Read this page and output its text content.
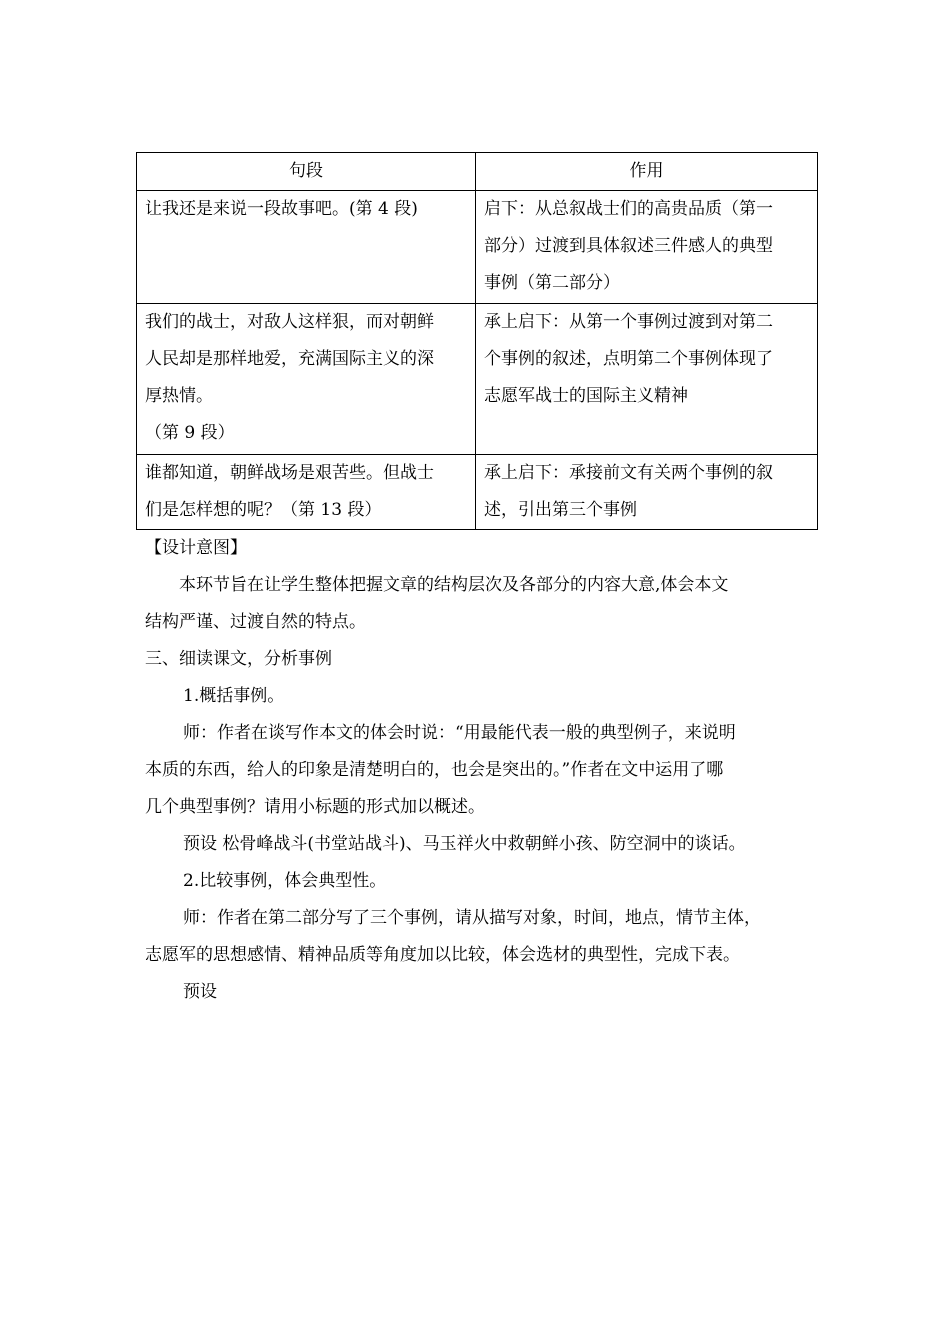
句段	作用

让我还是来说一段故事吧。(第 4 段)	启下：从总叙战士们的高贵品质（第一
部分）过渡到具体叙述三件感人的典型
事例（第二部分）

我们的战士，对敌人这样狠，而对朝鲜
人民却是那样地爱，充满国际主义的深
厚热情。
（第 9 段）	承上启下：从第一个事例过渡到对第二
个事例的叙述，点明第二个事例体现了
志愿军战士的国际主义精神

谁都知道，朝鲜战场是艰苦些。但战士
们是怎样想的呢？（第 13 段）	承上启下：承接前文有关两个事例的叙
述，引出第三个事例
【设计意图】
本环节旨在让学生整体把握文章的结构层次及各部分的内容大意,体会本文
结构严谨、过渡自然的特点。
三、细读课文，分析事例
1.概括事例。
师：作者在谈写作本文的体会时说：“用最能代表一般的典型例子，来说明
本质的东西，给人的印象是清楚明白的，也会是突出的。”作者在文中运用了哪
几个典型事例？请用小标题的形式加以概述。
预设 松骨峰战斗(书堂站战斗)、马玉祥火中救朝鲜小孩、防空洞中的谈话。
2.比较事例，体会典型性。
师：作者在第二部分写了三个事例，请从描写对象，时间，地点，情节主体，
志愿军的思想感情、精神品质等角度加以比较，体会选材的典型性，完成下表。
预设
